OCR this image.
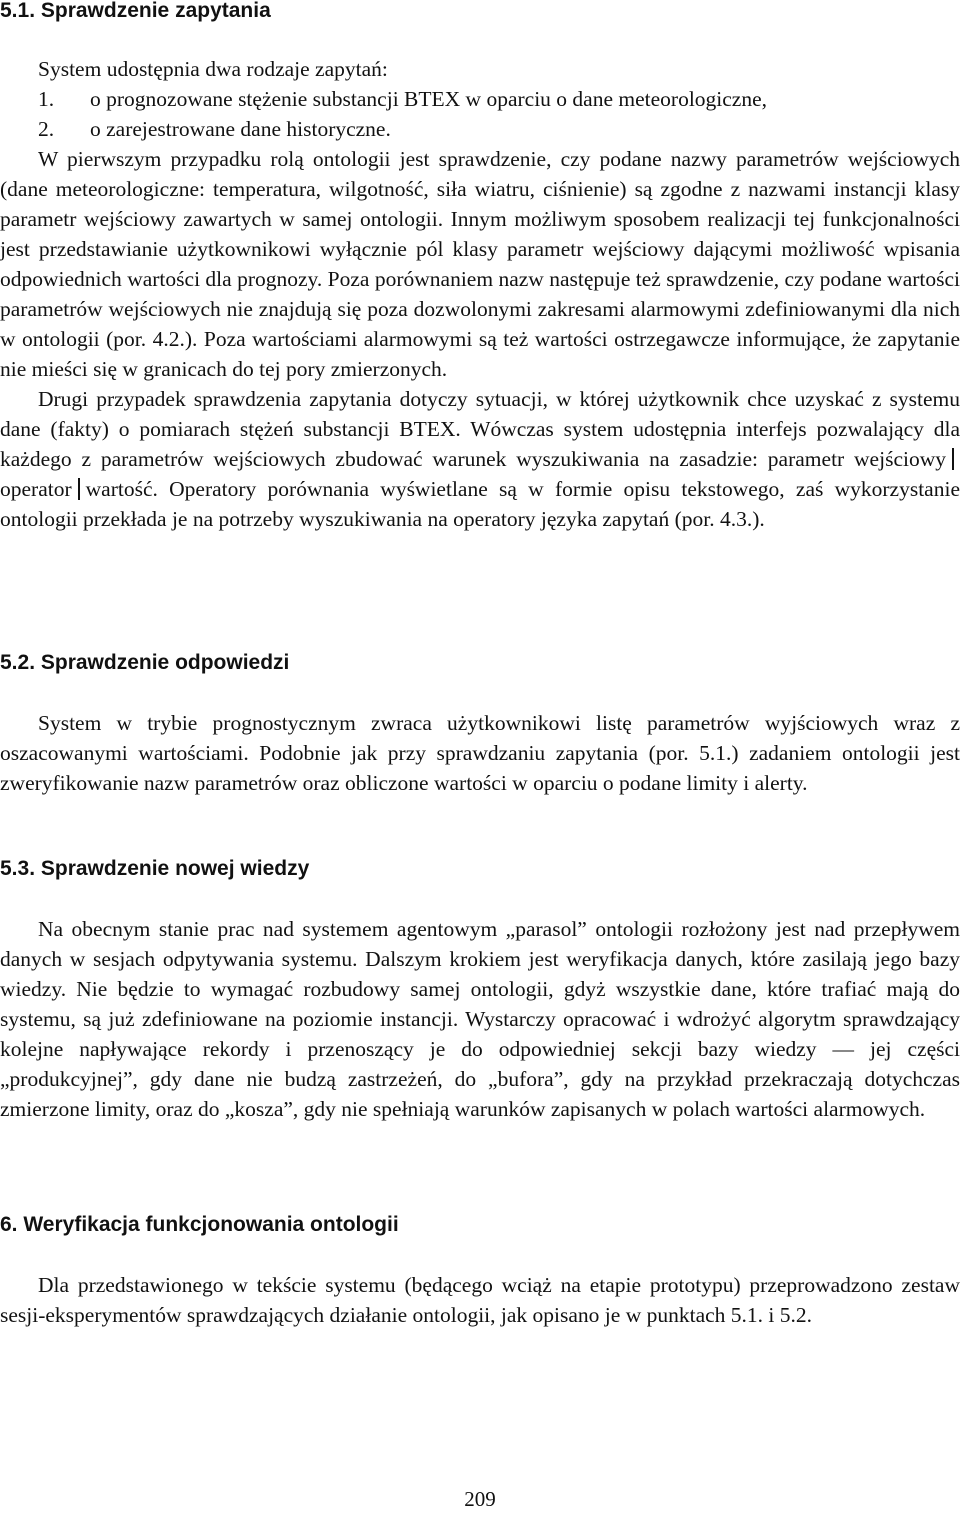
5.1. Sprawdzenie zapytania

System udostępnia dwa rodzaje zapytań:

1.	o prognozowane stężenie substancji BTEX w oparciu o dane meteorologiczne,
2.	o zarejestrowane dane historyczne.

W pierwszym przypadku rolą ontologii jest sprawdzenie, czy podane nazwy parametrów wejściowych (dane meteorologiczne: temperatura, wilgotność, siła wiatru, ciśnienie) są zgodne z nazwami instancji klasy parametr wejściowy zawartych w samej ontologii. Innym możliwym sposobem realizacji tej funkcjonalności jest przedstawianie użytkownikowi wyłącznie pól klasy parametr wejściowy dającymi możliwość wpisania odpowiednich wartości dla prognozy. Poza porównaniem nazw następuje też sprawdzenie, czy podane wartości parametrów wejściowych nie znajdują się poza dozwolonymi zakresami alarmowymi zdefiniowanymi dla nich w ontologii (por. 4.2.). Poza wartościami alarmowymi są też wartości ostrzegawcze informujące, że zapytanie nie mieści się w granicach do tej pory zmierzonych.

Drugi przypadek sprawdzenia zapytania dotyczy sytuacji, w której użytkownik chce uzyskać z systemu dane (fakty) o pomiarach stężeń substancji BTEX. Wówczas system udostępnia interfejs pozwalający dla każdego z parametrów wejściowych zbudować warunek wyszukiwania na zasadzie: parametr wejściowyoperator wartość. Operatory porównania wyświetlane są w formie opisu tekstowego, zaś wykorzystanie ontologii przekłada je na potrzeby wyszukiwania na operatory języka zapytań (por. 4.3.).

5.2. Sprawdzenie odpowiedzi

System w trybie prognostycznym zwraca użytkownikowi listę parametrów wyjściowych wraz z oszacowanymi wartościami. Podobnie jak przy sprawdzaniu zapytania (por. 5.1.) zadaniem ontologii jest zweryfikowanie nazw parametrów oraz obliczone wartości w oparciu o podane limity i alerty.

5.3. Sprawdzenie nowej wiedzy

Na obecnym stanie prac nad systemem agentowym „parasol” ontologii rozłożony jest nad przepływem danych w sesjach odpytywania systemu. Dalszym krokiem jest weryfikacja danych, które zasilają jego bazy wiedzy. Nie będzie to wymagać rozbudowy samej ontologii, gdyż wszystkie dane, które trafiać mają do systemu, są już zdefiniowane na poziomie instancji. Wystarczy opracować i wdrożyć algorytm sprawdzający kolejne napływające rekordy i przenoszący je do odpowiedniej sekcji bazy wiedzy — jej części „produkcyjnej”, gdy dane nie budzą zastrzeżeń, do „bufora”, gdy na przykład przekraczają dotychczas zmierzone limity, oraz do „kosza”, gdy nie spełniają warunków zapisanych w polach wartości alarmowych.

6. Weryfikacja funkcjonowania ontologii

Dla przedstawionego w tekście systemu (będącego wciąż na etapie prototypu) przeprowadzono zestaw sesji-eksperymentów sprawdzających działanie ontologii, jak opisano je w punktach 5.1. i 5.2.

209
